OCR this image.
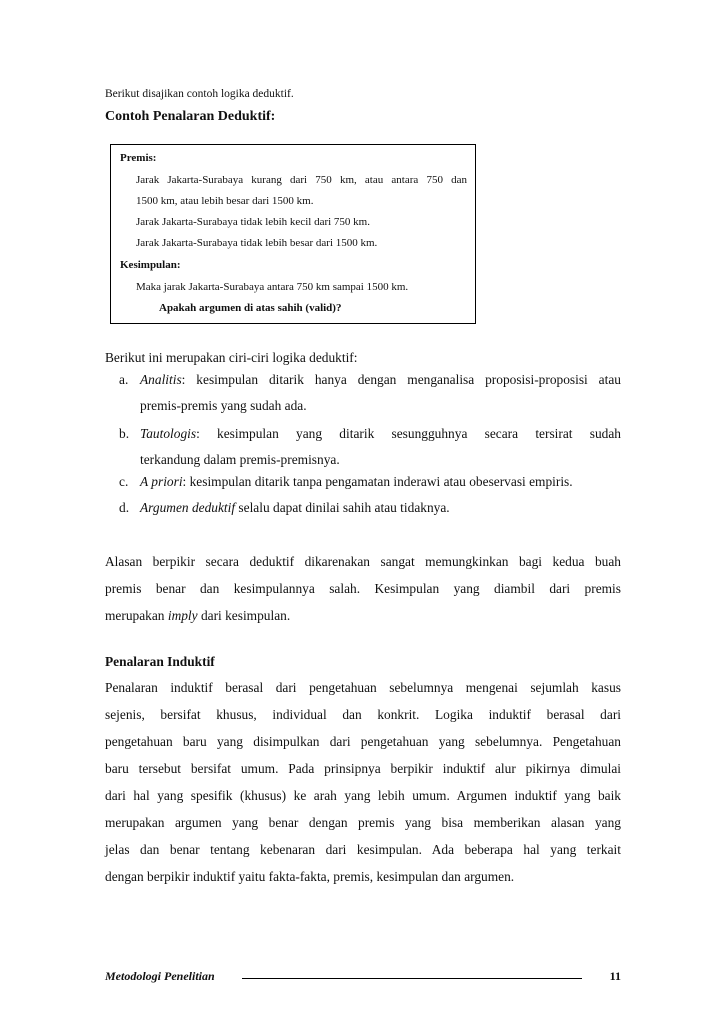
Berikut disajikan contoh logika deduktif.
Contoh Penalaran Deduktif:
Premis:
Jarak Jakarta-Surabaya kurang dari 750 km, atau antara 750 dan
1500 km, atau lebih besar dari 1500 km.
Jarak Jakarta-Surabaya tidak lebih kecil dari 750 km.
Jarak Jakarta-Surabaya tidak lebih besar dari 1500 km.
Kesimpulan:
Maka jarak Jakarta-Surabaya antara 750 km sampai 1500 km.
Apakah argumen di atas sahih (valid)?
Berikut ini merupakan ciri-ciri logika deduktif:
a. Analitis: kesimpulan ditarik hanya dengan menganalisa proposisi-proposisi atau
premis-premis yang sudah ada.
b. Tautologis: kesimpulan yang ditarik sesungguhnya secara tersirat sudah
terkandung dalam premis-premisnya.
c. A priori: kesimpulan ditarik tanpa pengamatan inderawi atau obeservasi empiris.
d. Argumen deduktif selalu dapat dinilai sahih atau tidaknya.
Alasan berpikir secara deduktif dikarenakan sangat memungkinkan bagi kedua buah
premis benar dan kesimpulannya salah. Kesimpulan yang diambil dari premis
merupakan imply dari kesimpulan.
Penalaran Induktif
Penalaran induktif berasal dari pengetahuan sebelumnya mengenai sejumlah kasus
sejenis, bersifat khusus, individual dan konkrit. Logika induktif berasal dari
pengetahuan baru yang disimpulkan dari pengetahuan yang sebelumnya. Pengetahuan
baru tersebut bersifat umum. Pada prinsipnya berpikir induktif alur pikirnya dimulai
dari hal yang spesifik (khusus) ke arah yang lebih umum. Argumen induktif yang baik
merupakan argumen yang benar dengan premis yang bisa memberikan alasan yang
jelas dan benar tentang kebenaran dari kesimpulan. Ada beberapa hal yang terkait
dengan berpikir induktif yaitu fakta-fakta, premis, kesimpulan dan argumen.
Metodologi Penelitian	11
